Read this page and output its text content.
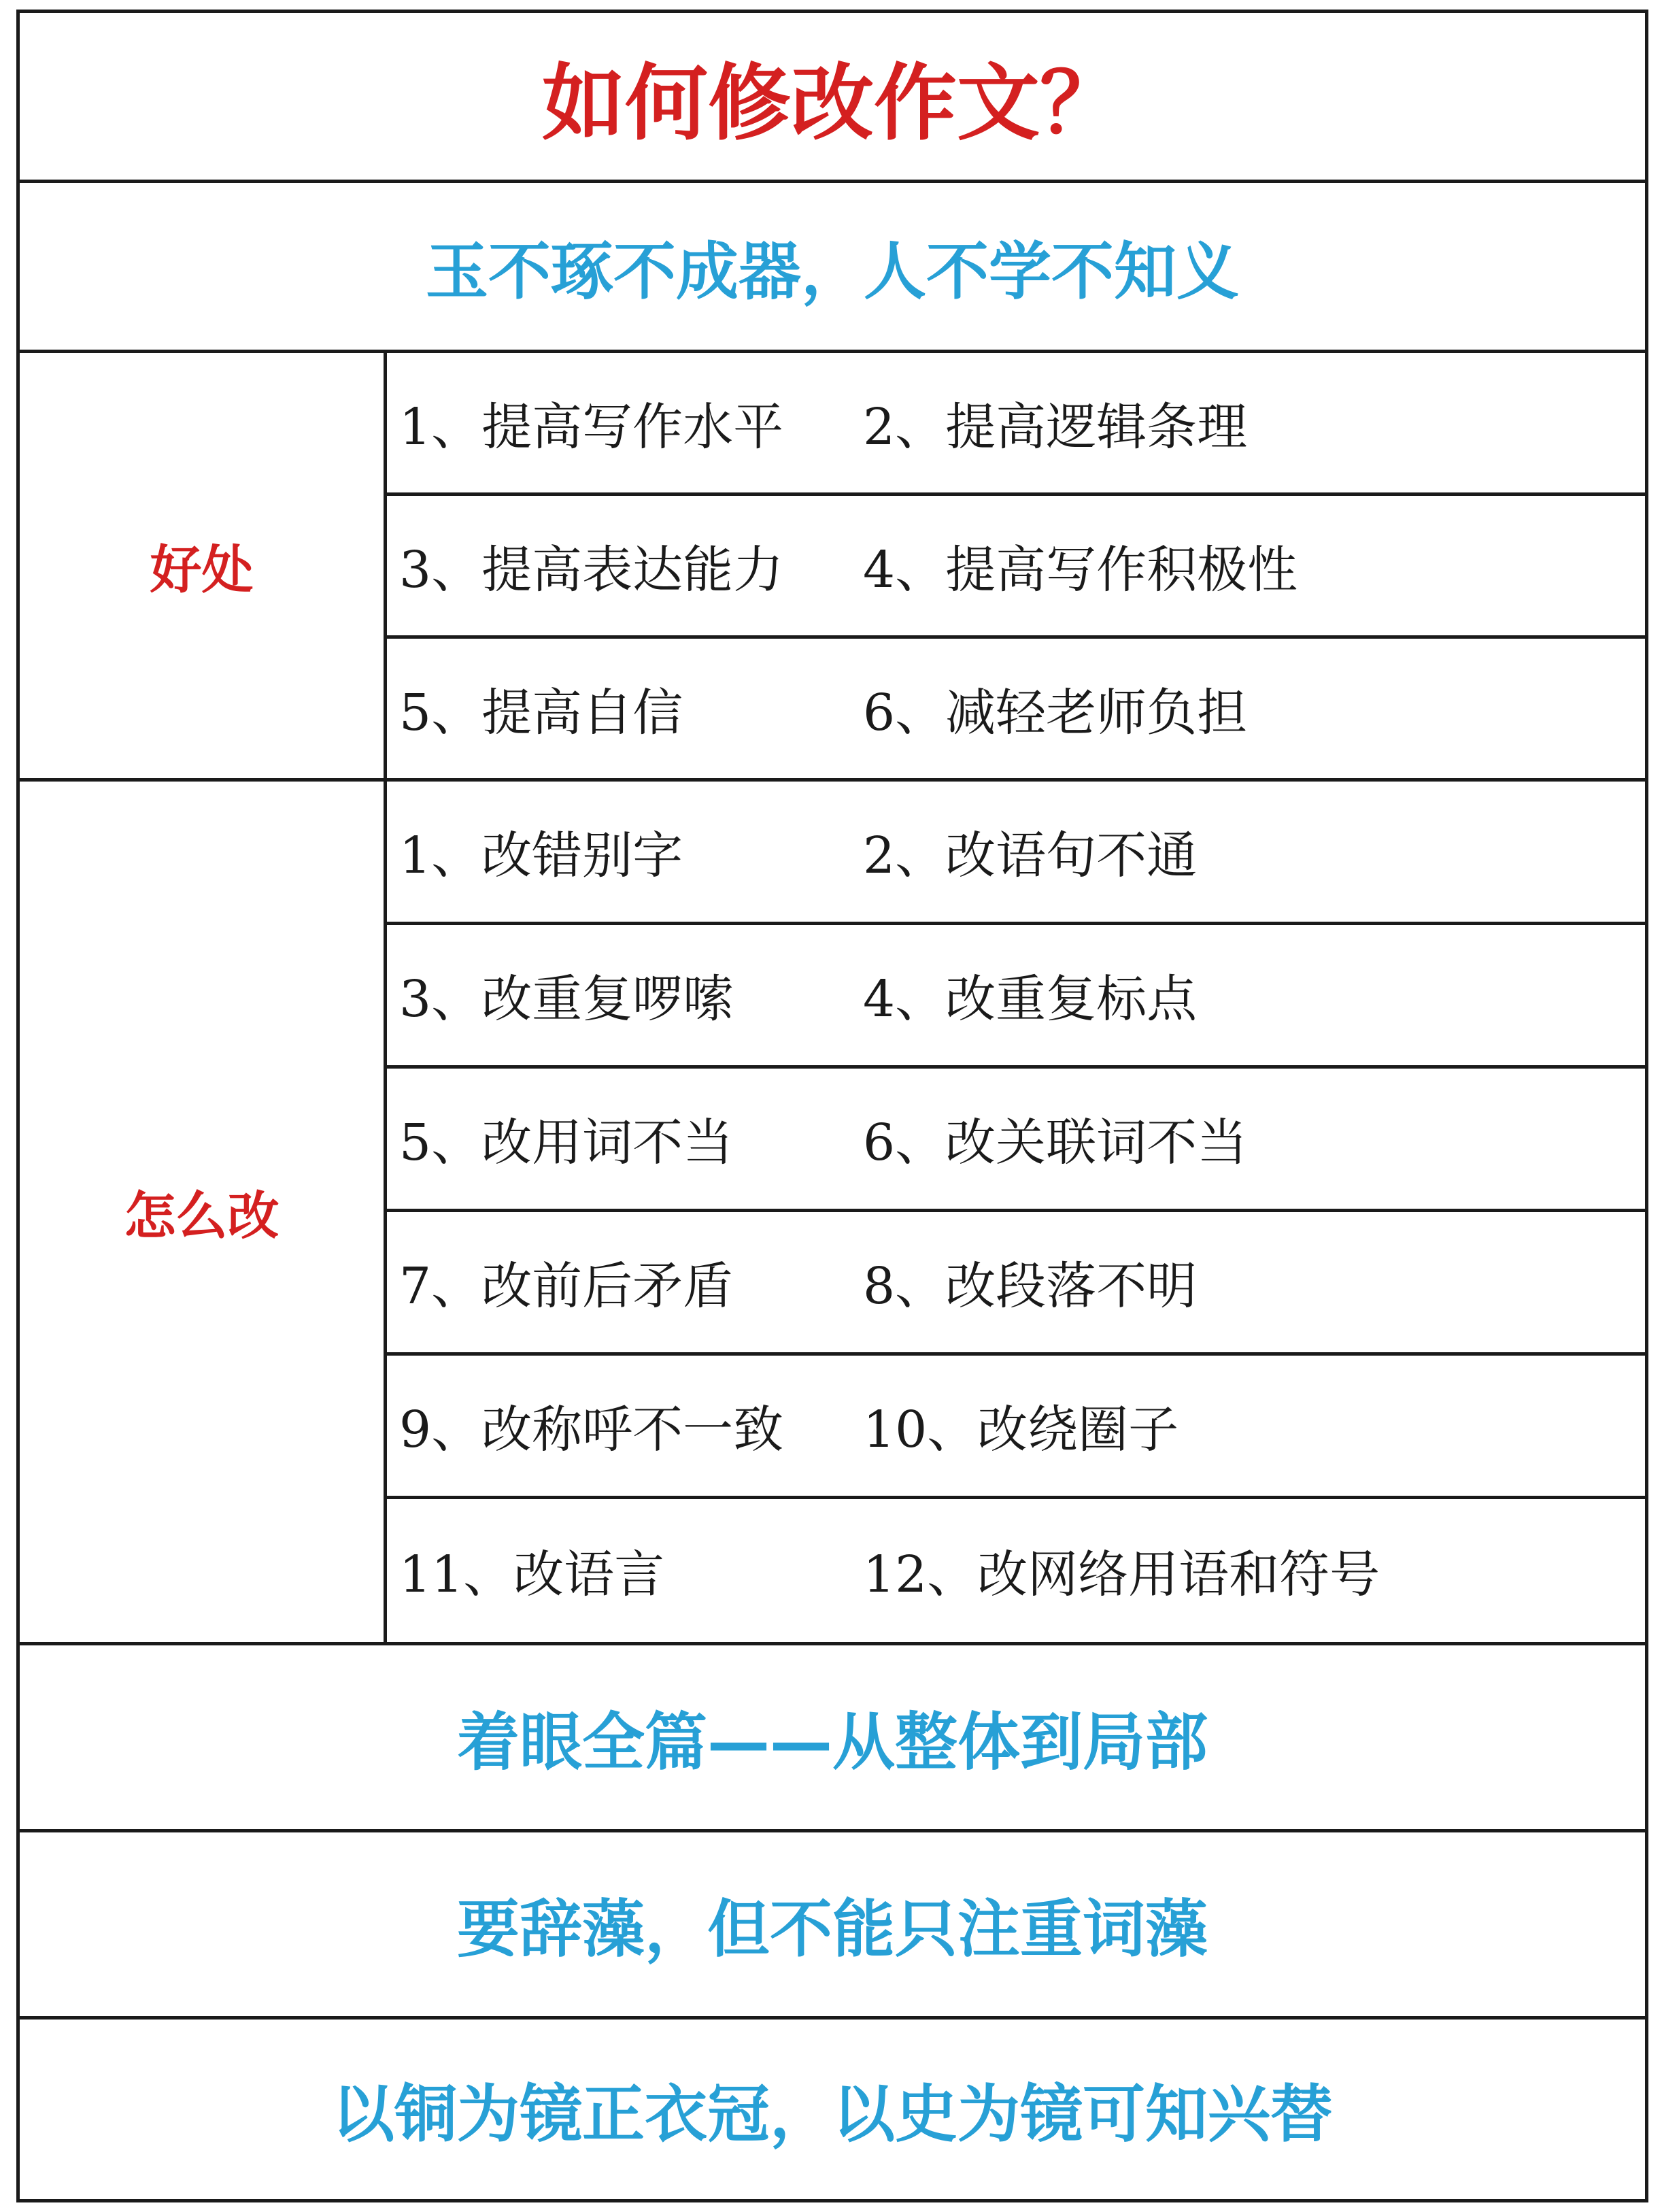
如何修改作文？
玉不琢不成器，人不学不知义
好处
1、提高写作水平 2、提高逻辑条理
3、提高表达能力 4、提高写作积极性
5、提高自信	6、减轻老师负担
怎么改
1、改错别字	2、改语句不通
3、改重复啰嗦	4、改重复标点
5、改用词不当	6、改关联词不当
7、改前后矛盾	8、改段落不明
9、改称呼不一致 10、改绕圈子
11、改语言	12、改网络用语和符号
着眼全篇——从整体到局部
要辞藻，但不能只注重词藻
以铜为镜正衣冠，以史为镜可知兴替
